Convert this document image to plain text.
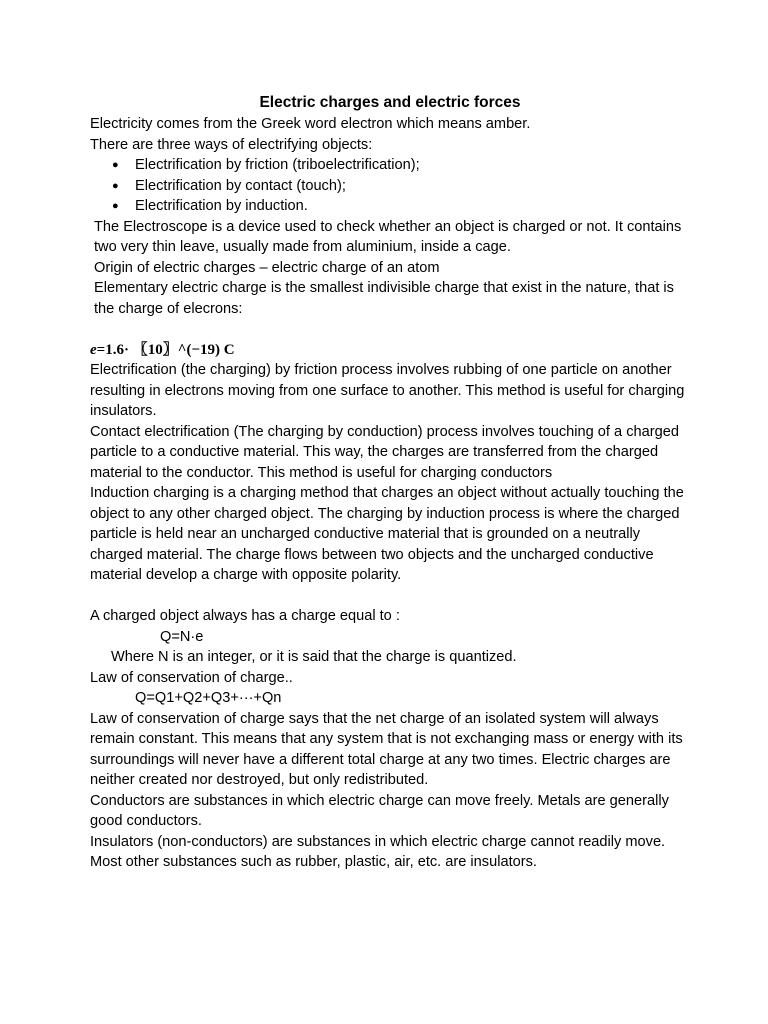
Electric charges and electric forces

Electricity comes from the Greek word electron which means amber.

There are three ways of electrifying objects:

● Electrification by friction (triboelectrification);
● Electrification by contact (touch);
● Electrification by induction.

The Electroscope is a device used to check whether an object is charged or not. It contains two very thin leave, usually made from aluminium, inside a cage.

Origin of electric charges – electric charge of an atom

Elementary electric charge is the smallest indivisible charge that exist in the nature, that is the charge of elecrons:

e=1.6· 〖10〗^(−19) C

Electrification (the charging) by friction process involves rubbing of one particle on another resulting in electrons moving from one surface to another. This method is useful for charging insulators.

Contact electrification (The charging by conduction) process involves touching of a charged particle to a conductive material. This way, the charges are transferred from the charged material to the conductor. This method is useful for charging conductors

Induction charging is a charging method that charges an object without actually touching the object to any other charged object. The charging by induction process is where the charged particle is held near an uncharged conductive material that is grounded on a neutrally charged material. The charge flows between two objects and the uncharged conductive material develop a charge with opposite polarity.

A charged object always has a charge equal to :

Q=N·e

Where N is an integer, or it is said that the charge is quantized.

Law of conservation of charge..

Q=Q1+Q2+Q3+···+Qn

Law of conservation of charge says that the net charge of an isolated system will always remain constant. This means that any system that is not exchanging mass or energy with its surroundings will never have a different total charge at any two times. Electric charges are neither created nor destroyed, but only redistributed.

Conductors are substances in which electric charge can move freely. Metals are generally good conductors.

Insulators (non-conductors) are substances in which electric charge cannot readily move. Most other substances such as rubber, plastic, air, etc. are insulators.
